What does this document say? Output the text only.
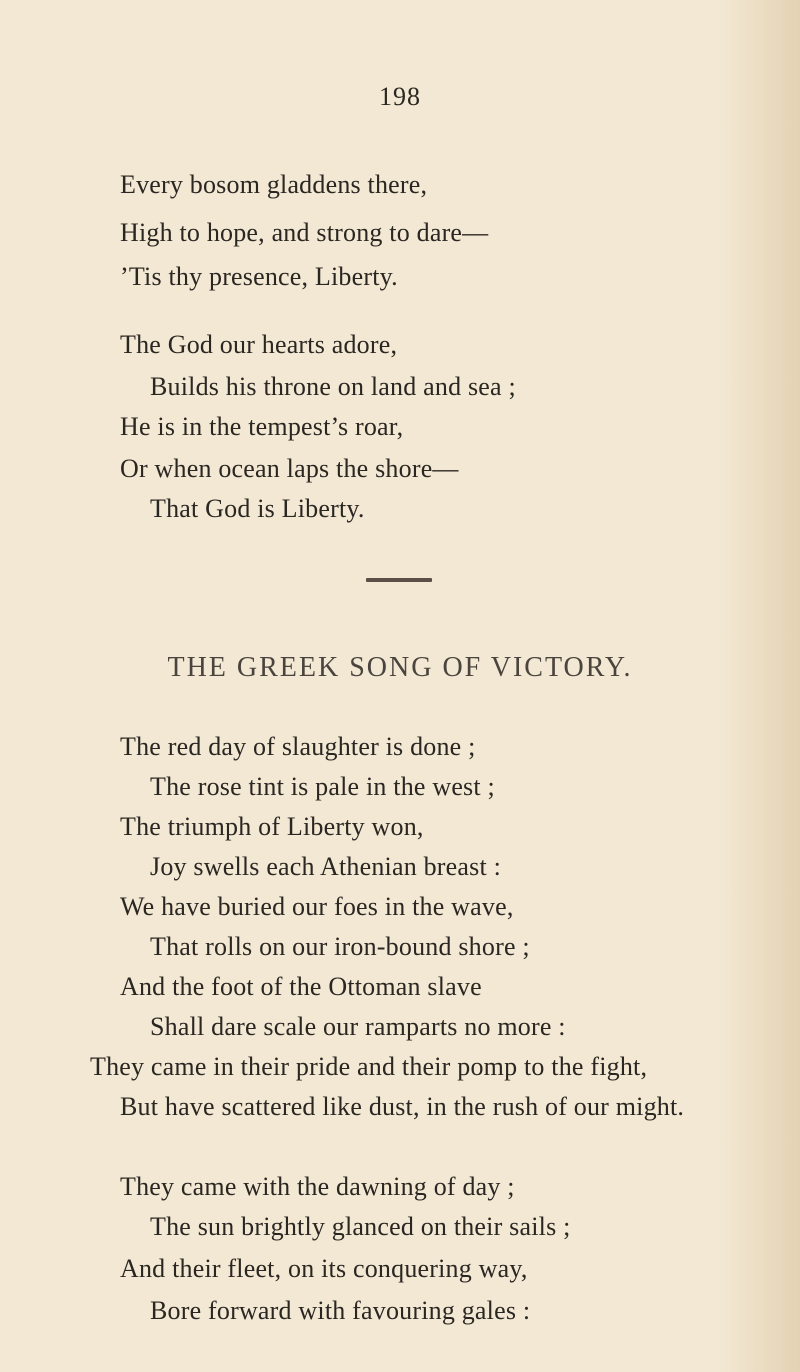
198
Every bosom gladdens there,
High to hope, and strong to dare—
’Tis thy presence, Liberty.
The God our hearts adore,
Builds his throne on land and sea ;
He is in the tempest’s roar,
Or when ocean laps the shore—
That God is Liberty.
THE GREEK SONG OF VICTORY.
The red day of slaughter is done ;
The rose tint is pale in the west ;
The triumph of Liberty won,
Joy swells each Athenian breast :
We have buried our foes in the wave,
That rolls on our iron-bound shore ;
And the foot of the Ottoman slave
Shall dare scale our ramparts no more :
They came in their pride and their pomp to the fight,
But have scattered like dust, in the rush of our might.
They came with the dawning of day ;
The sun brightly glanced on their sails ;
And their fleet, on its conquering way,
Bore forward with favouring gales :
